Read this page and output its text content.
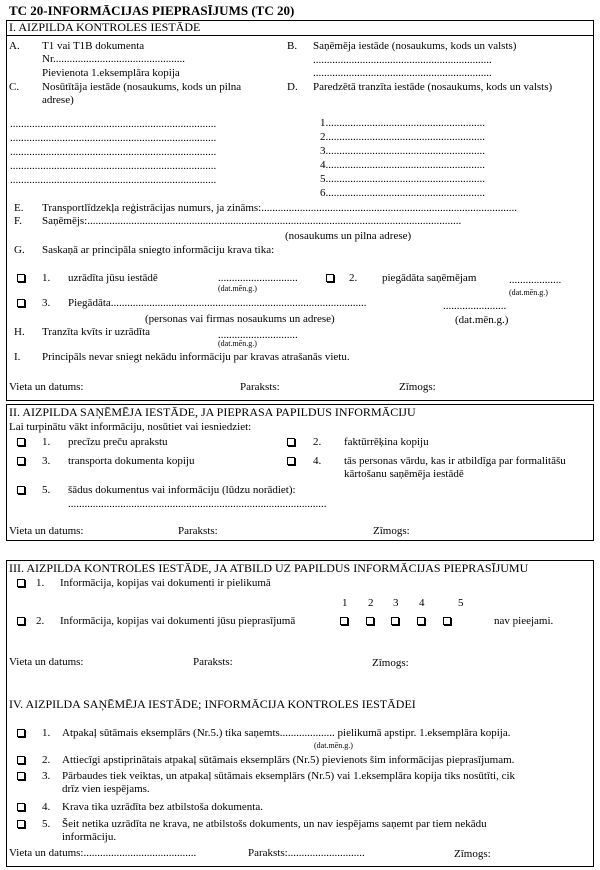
TC 20-INFORMĀCIJAS PIEPRASĪJUMS (TC 20)
I. AIZPILDA KONTROLES IESTĀDE
A. T1 vai T1B dokumenta
Nr................................................
Pievienota 1.eksemplāra kopija
B. Saņēmēja iestāde (nosaukums, kods un valsts)
.................................................................
.................................................................
C. Nosūtītāja iestāde (nosaukums, kods un pilna
adrese)
...........................................................................
...........................................................................
...........................................................................
...........................................................................
...........................................................................
D. Paredzētā tranzīta iestāde (nosaukums, kods un valsts)
1..........................................................
2..........................................................
3..........................................................
4..........................................................
5..........................................................
6..........................................................
E. Transportlīdzekļa reģistrācijas numurs, ja zināms:.............................................................................................
F. Saņēmējs:........................................................................................................................................
(nosaukums un pilna adrese)
G. Saskaņā ar principāla sniegto informāciju krava tika:
1. uzrādīta jūsu iestādē	.............................
(dat.mēn.g.)
2. piegādāta saņēmējam	...................
(dat.mēn.g.)
3. Piegādāta.............................................................................................	.......................
(personas vai firmas nosaukums un adrese)	(dat.mēn.g.)
H. Tranzīta kvīts ir uzrādīta	.............................
(dat.mēn.g.)
I. Principāls nevar sniegt nekādu informāciju par kravas atrašanās vietu.
Vieta un datums:	Paraksts:	Zīmogs:
II. AIZPILDA SAŅĒMĒJA IESTĀDE, JA PIEPRASA PAPILDUS INFORMĀCIJU
Lai turpinātu vākt informāciju, nosūtiet vai iesniedziet:
1. precīzu preču aprakstu	2. faktūrrēķina kopiju
3. transporta dokumenta kopiju	4. tās personas vārdu, kas ir atbildīga par formalitāšu
kārtošanu saņēmēja iestādē
5. šādus dokumentus vai informāciju (lūdzu norādiet):
..............................................................................................
Vieta un datums:	Paraksts:	Zīmogs:
III. AIZPILDA KONTROLES IESTĀDE, JA ATBILD UZ PAPILDUS INFORMĀCIJAS PIEPRASĪJUMU
1. Informācija, kopijas vai dokumenti ir pielikumā
1 2 3 4	5
2. Informācija, kopijas vai dokumenti jūsu pieprasījumā	nav pieejami.
Vieta un datums:	Paraksts:	Zīmogs:
IV. AIZPILDA SAŅĒMĒJA IESTĀDE; INFORMĀCIJA KONTROLES IESTĀDEI
1. Atpakaļ sūtāmais eksemplārs (Nr.5.) tika saņemts.................... pielikumā apstipr. 1.eksemplāra kopija.
(dat.mēn.g.)
2. Attiecīgi apstiprinātais atpakaļ sūtāmais eksemplārs (Nr.5) pievienots šim informācijas pieprasījumam.
3. Pārbaudes tiek veiktas, un atpakaļ sūtāmais eksemplārs (Nr.5) vai 1.eksemplāra kopija tiks nosūtīti, cik
drīz vien iespējams.
4. Krava tika uzrādīta bez atbilstoša dokumenta.
5. Šeit netika uzrādīta ne krava, ne atbilstošs dokuments, un nav iespējams saņemt par tiem nekādu
informāciju.
Vieta un datums:.........................................	Paraksts:............................	Zīmogs:
